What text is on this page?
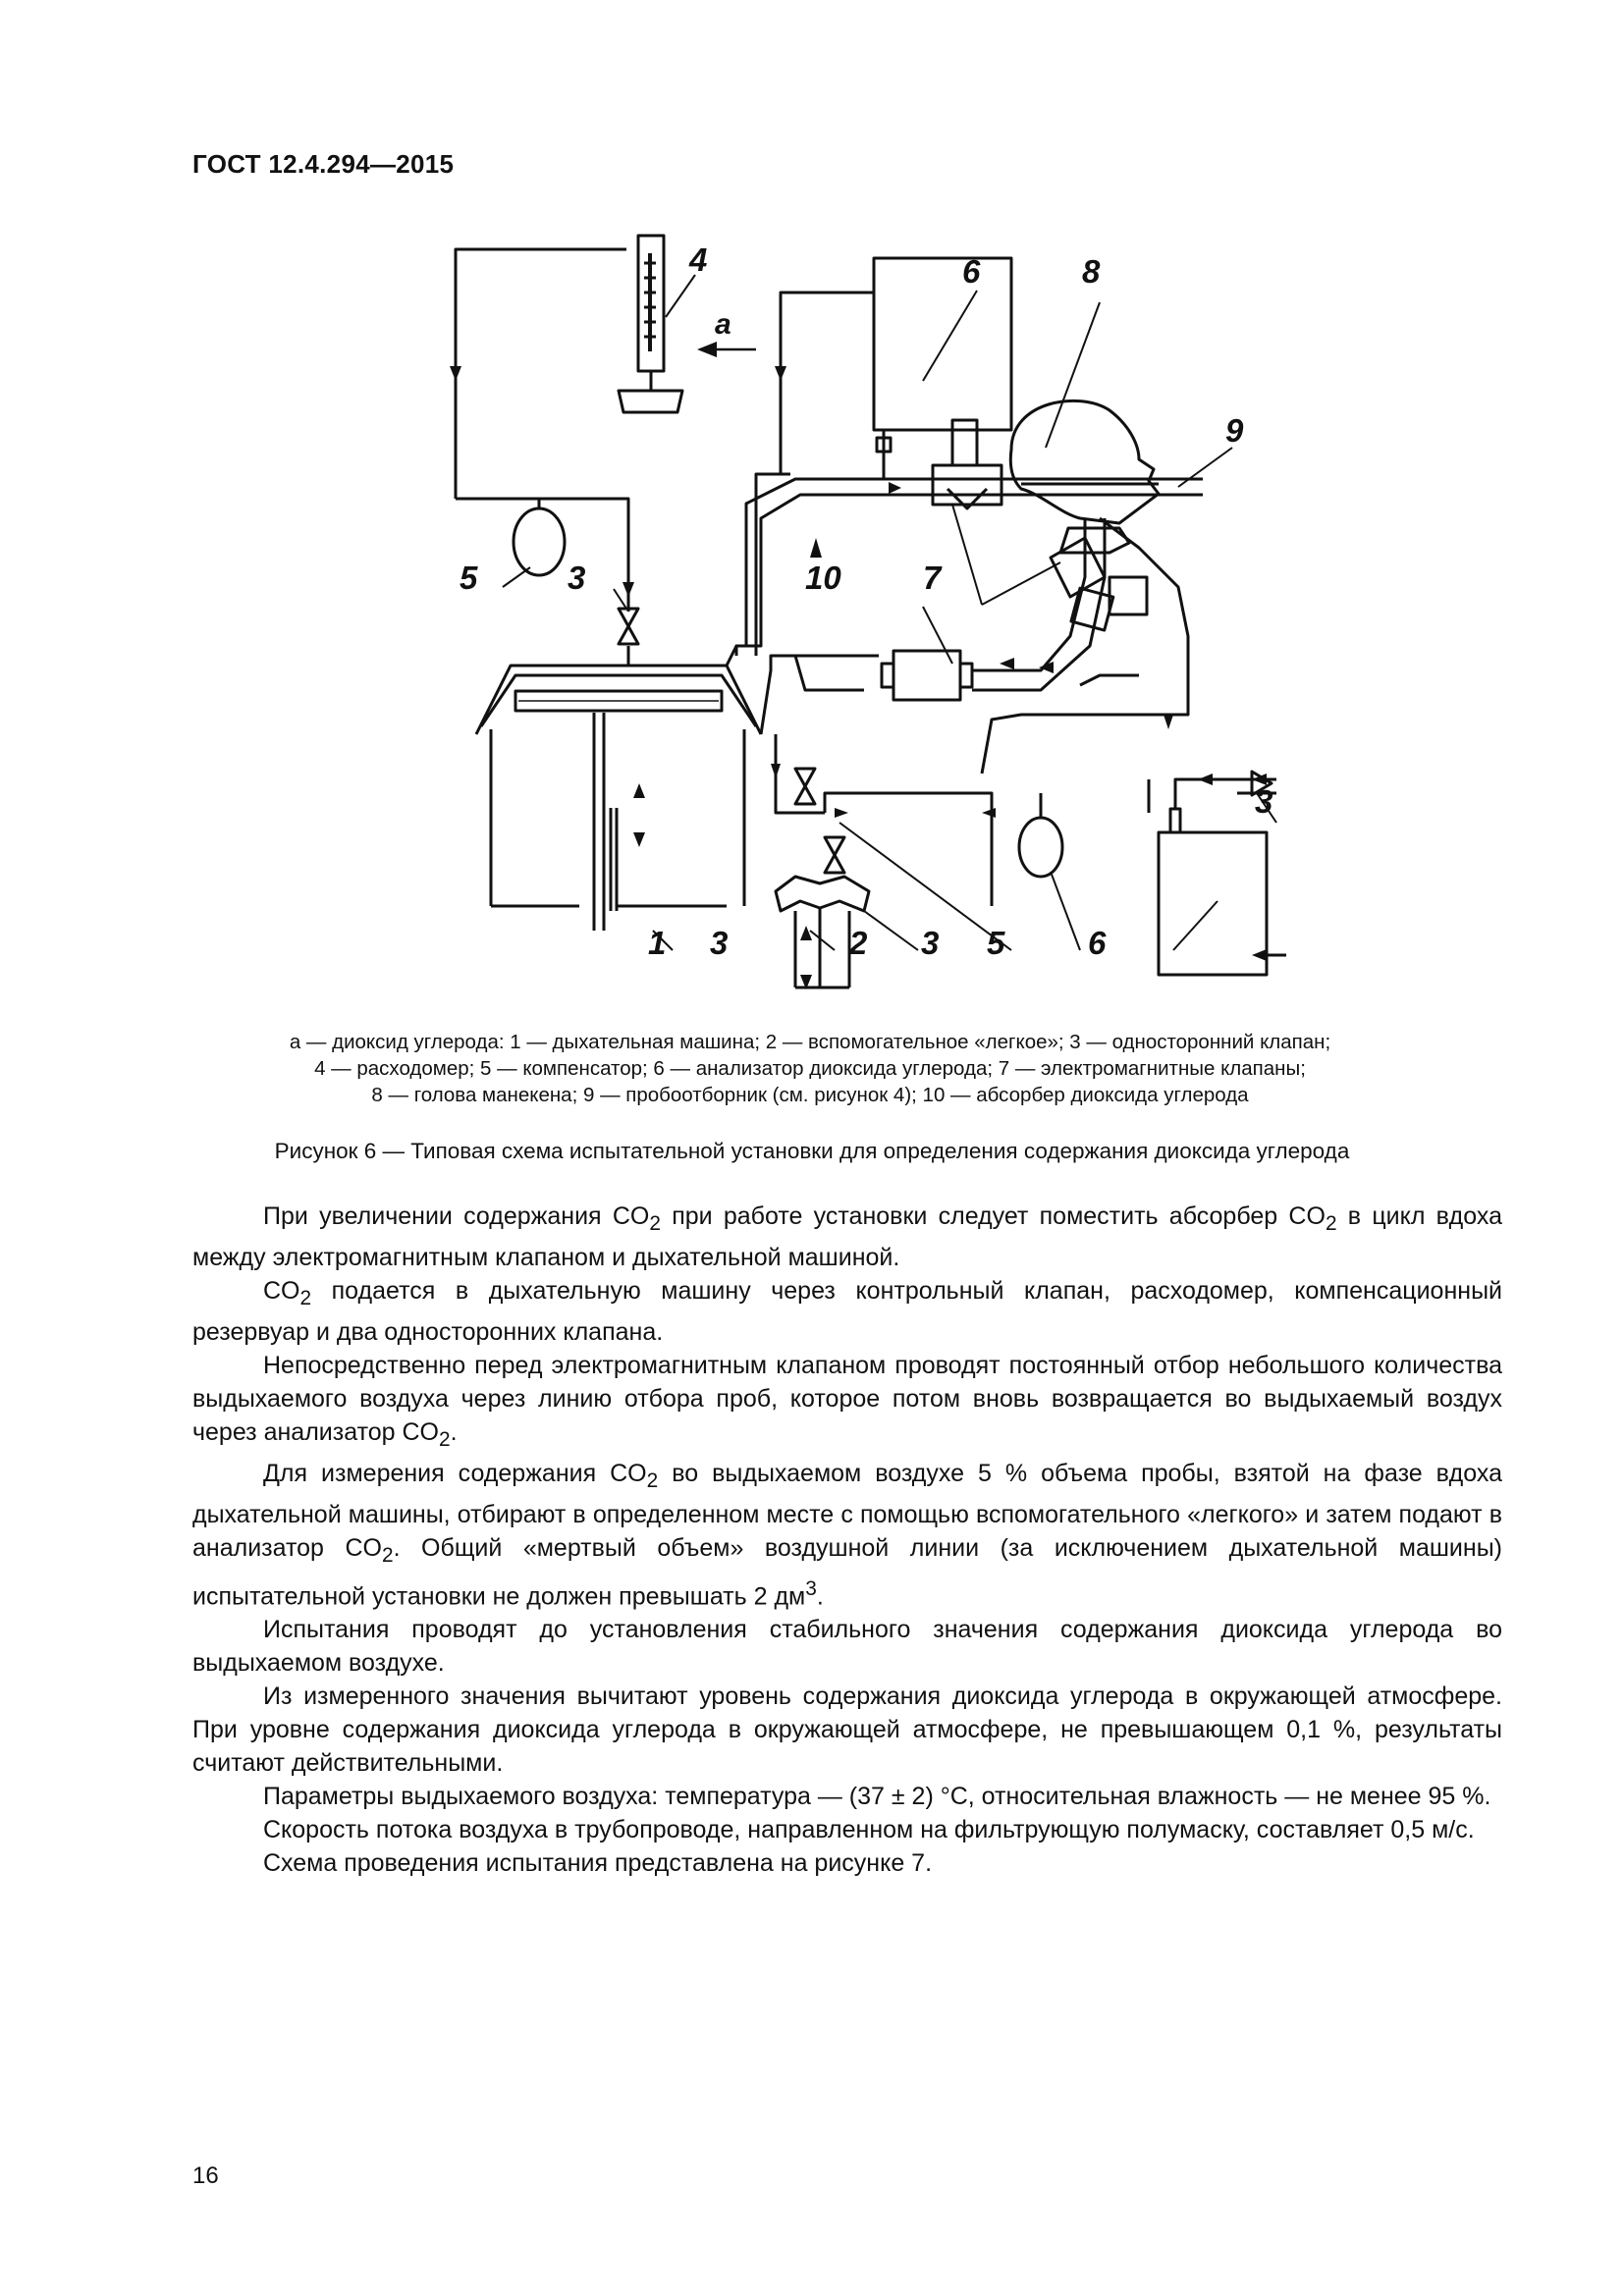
ГОСТ 12.4.294—2015
4
a
6	8
9
5	3	10	7
3
1 3	2 3 5	6
а — диоксид углерода: 1 — дыхательная машина; 2 — вспомогательное «легкое»; 3 — односторонний клапан;
4 — расходомер; 5 — компенсатор; 6 — анализатор диоксида углерода; 7 — электромагнитные клапаны;
8 — голова манекена; 9 — пробоотборник (см. рисунок 4); 10 — абсорбер диоксида углерода
Рисунок 6 — Типовая схема испытательной установки для определения содержания диоксида углерода

При увеличении содержания $CO_2$ при работе установки следует поместить абсорбер $CO_2$ в цикл вдоха между электромагнитным клапаном и дыхательной машиной.

$CO_2$ подается в дыхательную машину через контрольный клапан, расходомер, компенсационный резервуар и два односторонних клапана.

Непосредственно перед электромагнитным клапаном проводят постоянный отбор небольшого количества выдыхаемого воздуха через линию отбора проб, которое потом вновь возвращается во выдыхаемый воздух через анализатор $CO_2$.

Для измерения содержания $CO_2$ во выдыхаемом воздухе 5 % объема пробы, взятой на фазе вдоха дыхательной машины, отбирают в определенном месте с помощью вспомогательного «легкого» и затем подают в анализатор $CO_2$. Общий «мертвый объем» воздушной линии (за исключением дыхательной машины) испытательной установки не должен превышать 2 $дм^3$.

Испытания проводят до установления стабильного значения содержания диоксида углерода во выдыхаемом воздухе.

Из измеренного значения вычитают уровень содержания диоксида углерода в окружающей атмосфере. При уровне содержания диоксида углерода в окружающей атмосфере, не превышающем 0,1 %, результаты считают действительными.

Параметры выдыхаемого воздуха: температура — (37 ± 2) °С, относительная влажность — не менее 95 %.

Скорость потока воздуха в трубопроводе, направленном на фильтрующую полумаску, составляет 0,5 м/с.

Схема проведения испытания представлена на рисунке 7.

16
